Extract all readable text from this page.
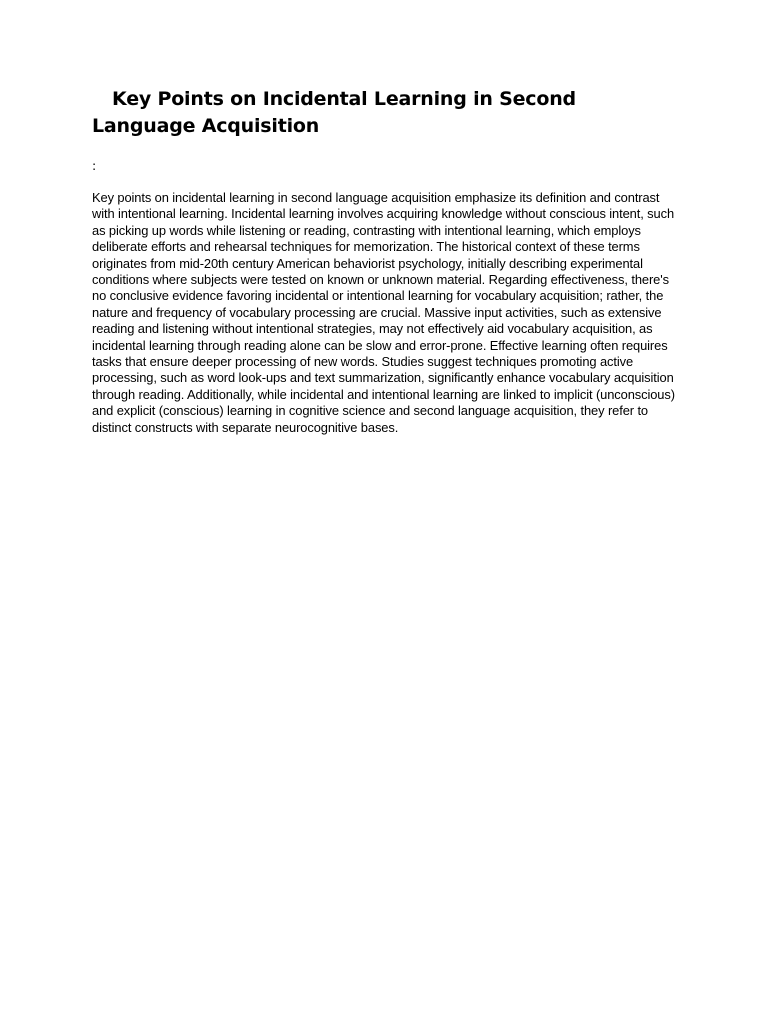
Key Points on Incidental Learning in Second Language Acquisition

:

Key points on incidental learning in second language acquisition emphasize its definition and contrast with intentional learning. Incidental learning involves acquiring knowledge without conscious intent, such as picking up words while listening or reading, contrasting with intentional learning, which employs deliberate efforts and rehearsal techniques for memorization. The historical context of these terms originates from mid-20th century American behaviorist psychology, initially describing experimental conditions where subjects were tested on known or unknown material. Regarding effectiveness, there's no conclusive evidence favoring incidental or intentional learning for vocabulary acquisition; rather, the nature and frequency of vocabulary processing are crucial. Massive input activities, such as extensive reading and listening without intentional strategies, may not effectively aid vocabulary acquisition, as incidental learning through reading alone can be slow and error-prone. Effective learning often requires tasks that ensure deeper processing of new words. Studies suggest techniques promoting active processing, such as word look-ups and text summarization, significantly enhance vocabulary acquisition through reading. Additionally, while incidental and intentional learning are linked to implicit (unconscious) and explicit (conscious) learning in cognitive science and second language acquisition, they refer to distinct constructs with separate neurocognitive bases.
